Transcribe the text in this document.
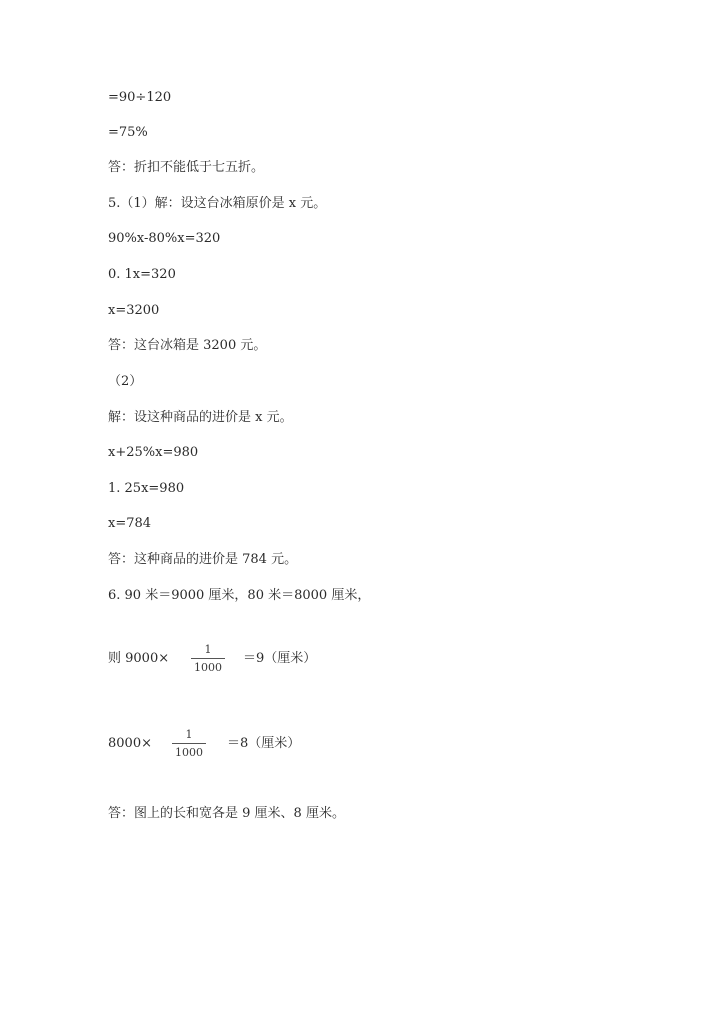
=90÷120
=75%
答：折扣不能低于七五折。
5.（1）解：设这台冰箱原价是 x 元。
90%x-80%x=320
0. 1x=320
x=3200
答：这台冰箱是 3200 元。
（2）
解：设这种商品的进价是 x 元。
x+25%x=980
1. 25x=980
x=784
答：这种商品的进价是 784 元。
6. 90 米＝9000 厘米，80 米＝8000 厘米，
则 $9000\times \frac{1}{1000} =9$（厘米）
$8000\times \frac{1}{1000} =8$（厘米）
答：图上的长和宽各是 9 厘米、8 厘米。
